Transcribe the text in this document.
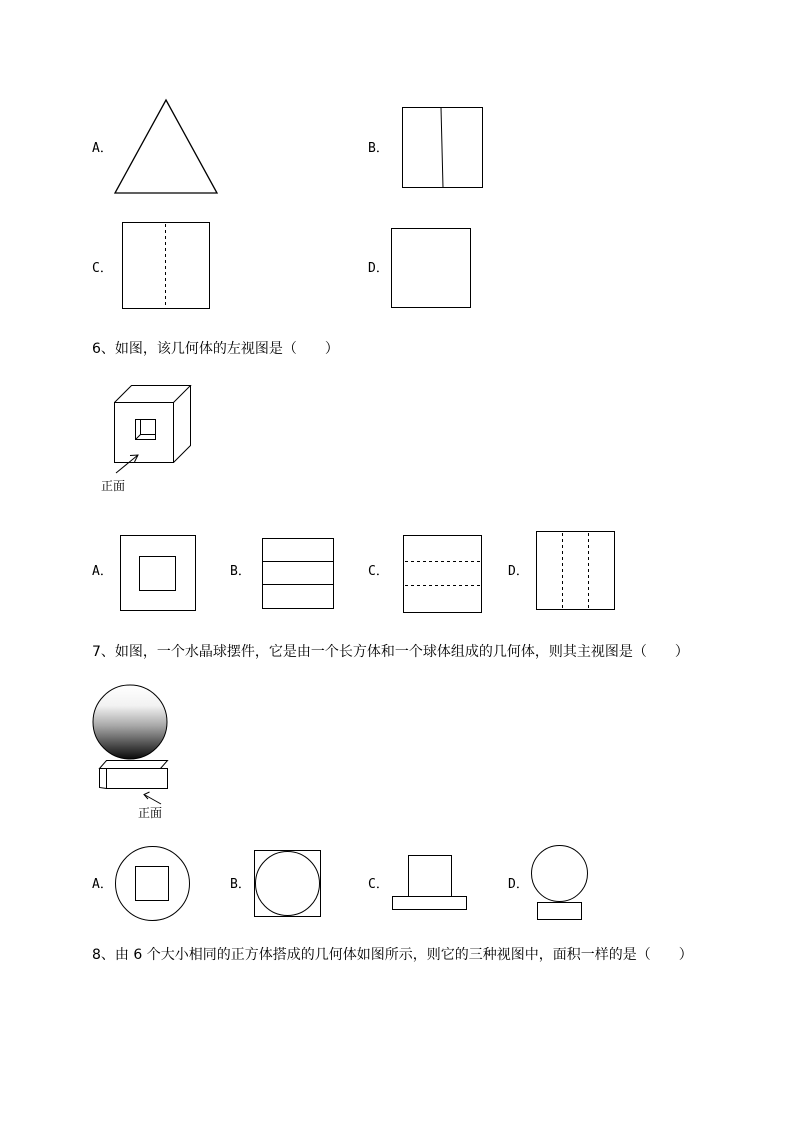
A．	B．
C．	D．
6、如图，该几何体的左视图是（　　）
正面
A．	B．	C．	D．
7、如图，一个水晶球摆件，它是由一个长方体和一个球体组成的几何体，则其主视图是（　　）
正面
A．	B．	C．	D．
8、由 6 个大小相同的正方体搭成的几何体如图所示，则它的三种视图中，面积一样的是（　　）
